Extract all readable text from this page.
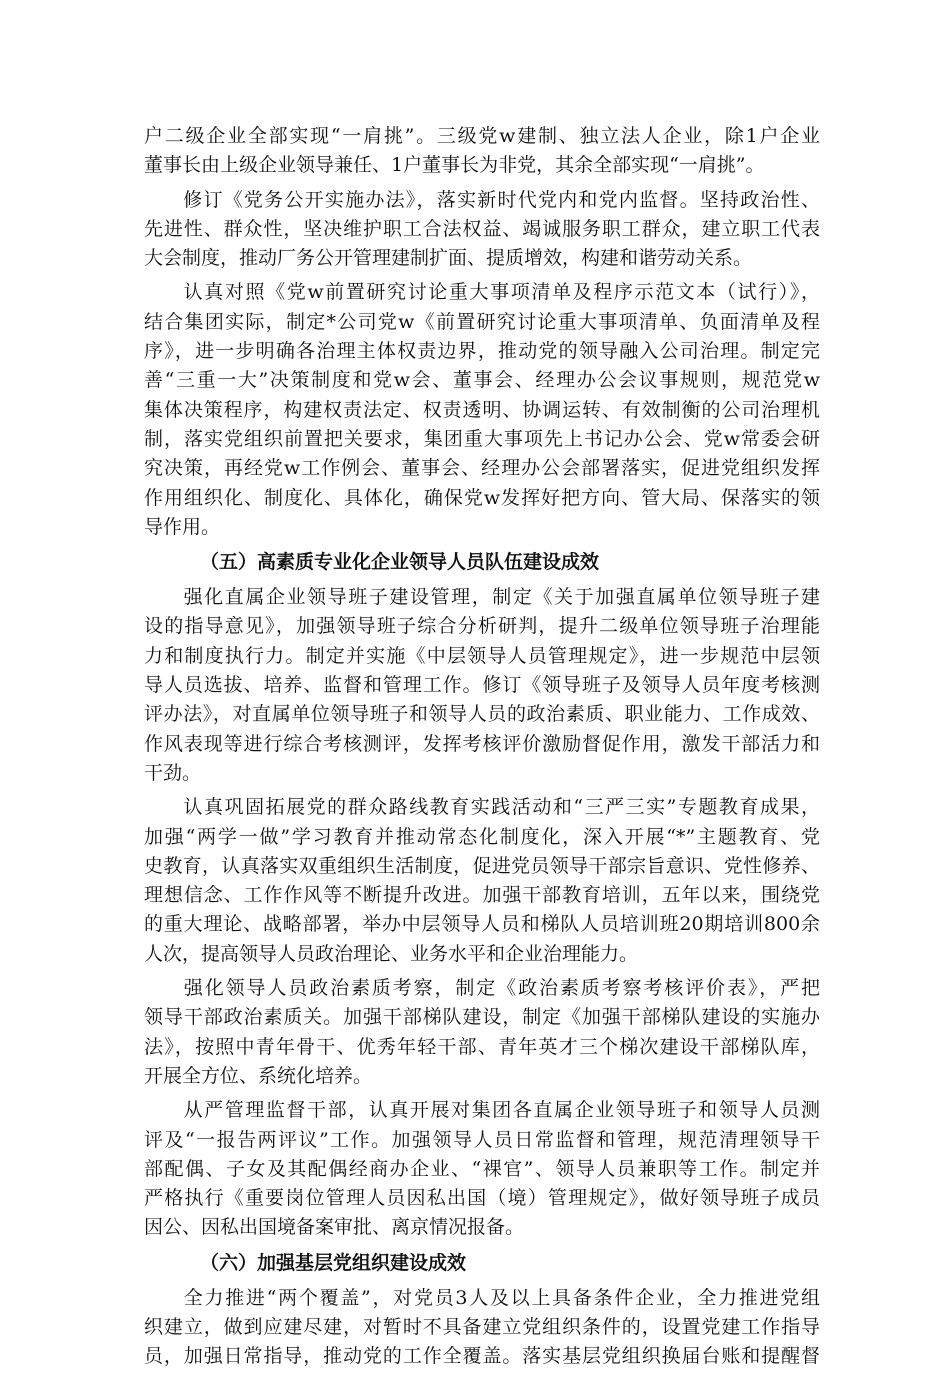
户二级企业全部实现“一肩挑”。三级党w建制、独立法人企业，除1户企业
董事长由上级企业领导兼任、1户董事长为非党，其余全部实现“一肩挑”。
修订《党务公开实施办法》，落实新时代党内和党内监督。坚持政治性、
先进性、群众性，坚决维护职工合法权益、竭诚服务职工群众，建立职工代表
大会制度，推动厂务公开管理建制扩面、提质增效，构建和谐劳动关系。
认真对照《党w前置研究讨论重大事项清单及程序示范文本（试行）》，
结合集团实际，制定*公司党w《前置研究讨论重大事项清单、负面清单及程
序》，进一步明确各治理主体权责边界，推动党的领导融入公司治理。制定完
善“三重一大”决策制度和党w会、董事会、经理办公会议事规则，规范党w
集体决策程序，构建权责法定、权责透明、协调运转、有效制衡的公司治理机
制，落实党组织前置把关要求，集团重大事项先上书记办公会、党w常委会研
究决策，再经党w工作例会、董事会、经理办公会部署落实，促进党组织发挥
作用组织化、制度化、具体化，确保党w发挥好把方向、管大局、保落实的领
导作用。
（五）高素质专业化企业领导人员队伍建设成效
强化直属企业领导班子建设管理，制定《关于加强直属单位领导班子建
设的指导意见》，加强领导班子综合分析研判，提升二级单位领导班子治理能
力和制度执行力。制定并实施《中层领导人员管理规定》，进一步规范中层领
导人员选拔、培养、监督和管理工作。修订《领导班子及领导人员年度考核测
评办法》，对直属单位领导班子和领导人员的政治素质、职业能力、工作成效、
作风表现等进行综合考核测评，发挥考核评价激励督促作用，激发干部活力和
干劲。
认真巩固拓展党的群众路线教育实践活动和“三严三实”专题教育成果，
加强“两学一做”学习教育并推动常态化制度化，深入开展“*”主题教育、党
史教育，认真落实双重组织生活制度，促进党员领导干部宗旨意识、党性修养、
理想信念、工作作风等不断提升改进。加强干部教育培训，五年以来，围绕党
的重大理论、战略部署，举办中层领导人员和梯队人员培训班20期培训800余
人次，提高领导人员政治理论、业务水平和企业治理能力。
强化领导人员政治素质考察，制定《政治素质考察考核评价表》，严把
领导干部政治素质关。加强干部梯队建设，制定《加强干部梯队建设的实施办
法》，按照中青年骨干、优秀年轻干部、青年英才三个梯次建设干部梯队库，
开展全方位、系统化培养。
从严管理监督干部，认真开展对集团各直属企业领导班子和领导人员测
评及“一报告两评议”工作。加强领导人员日常监督和管理，规范清理领导干
部配偶、子女及其配偶经商办企业、“裸官”、领导人员兼职等工作。制定并
严格执行《重要岗位管理人员因私出国（境）管理规定》，做好领导班子成员
因公、因私出国境备案审批、离京情况报备。
（六）加强基层党组织建设成效
全力推进“两个覆盖”，对党员3人及以上具备条件企业，全力推进党组
织建立，做到应建尽建，对暂时不具备建立党组织条件的，设置党建工作指导
员，加强日常指导，推动党的工作全覆盖。落实基层党组织换届台账和提醒督
